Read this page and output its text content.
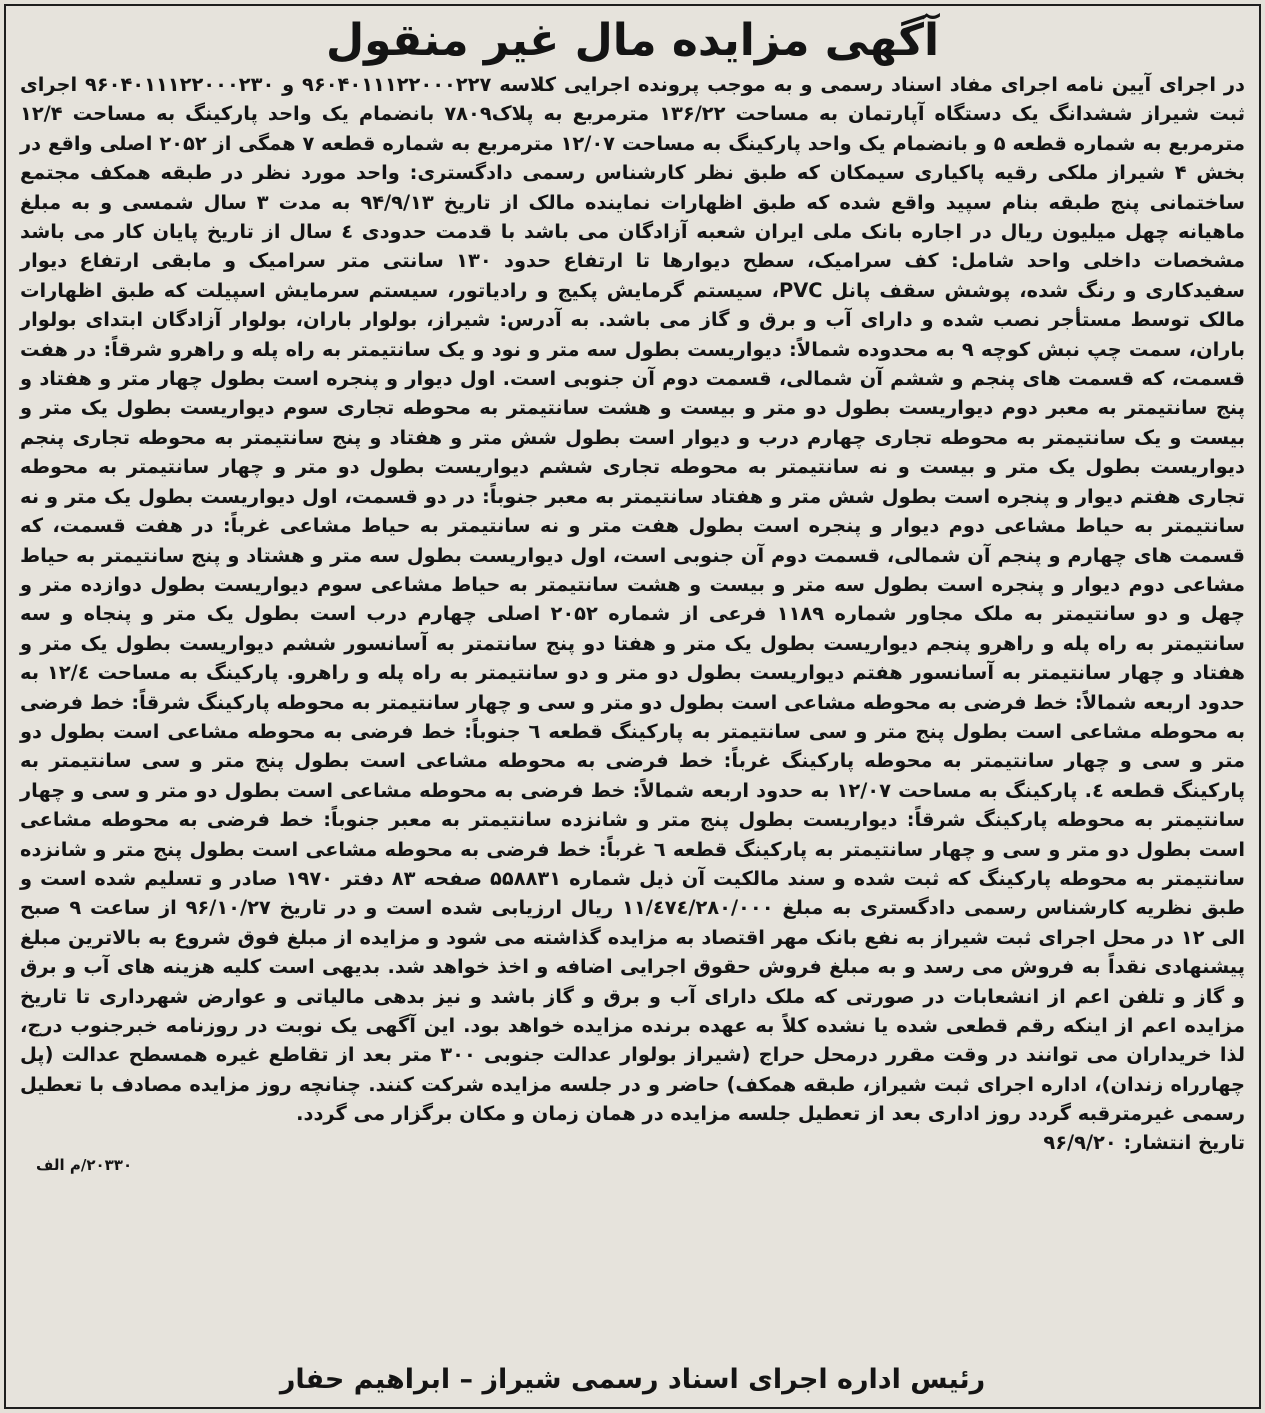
آگهی مزایده مال غیر منقول
در اجرای آیین نامه اجرای مفاد اسناد رسمی و به موجب پرونده اجرایی کلاسه ۹۶۰۴۰۱۱۱۲۲۰۰۰۲۲۷ و ۹۶۰۴۰۱۱۱۲۲۰۰۰۲۳۰ اجرای ثبت شیراز ششدانگ یک دستگاه آپارتمان به مساحت ۱۳۶/۲۲ مترمربع به پلاک۷۸۰۹ بانضمام یک واحد پارکینگ به مساحت ۱۲/۴ مترمربع به شماره قطعه ۵ و بانضمام یک واحد پارکینگ به مساحت ۱۲/۰۷ مترمربع به شماره قطعه ۷ همگی از ۲۰۵۲ اصلی واقع در بخش ۴ شیراز ملکی رقیه پاکیاری سیمکان که طبق نظر کارشناس رسمی دادگستری: واحد مورد نظر در طبقه همکف مجتمع ساختمانی پنج طبقه بنام سپید واقع شده که طبق اظهارات نماینده مالک از تاریخ ۹۴/۹/۱۳ به مدت ۳ سال شمسی و به مبلغ ماهیانه چهل میلیون ریال در اجاره بانک ملی ایران شعبه آزادگان می باشد با قدمت حدودی ٤ سال از تاریخ پایان کار می باشد مشخصات داخلی واحد شامل: کف سرامیک، سطح دیوارها تا ارتفاع حدود ۱۳۰ سانتی متر سرامیک و مابقی ارتفاع دیوار سفیدکاری و رنگ شده، پوشش سقف پانل PVC، سیستم گرمایش پکیج و رادیاتور، سیستم سرمایش اسپیلت که طبق اظهارات مالک توسط مستأجر نصب شده و دارای آب و برق و گاز می باشد. به آدرس: شیراز، بولوار باران، بولوار آزادگان ابتدای بولوار باران، سمت چپ نبش کوچه ۹ به محدوده شمالاً: دیواریست بطول سه متر و نود و یک سانتیمتر به راه پله و راهرو شرقاً: در هفت قسمت، که قسمت های پنجم و ششم آن شمالی، قسمت دوم آن جنوبی است. اول دیوار و پنجره است بطول چهار متر و هفتاد و پنج سانتیمتر به معبر دوم دیواریست بطول دو متر و بیست و هشت سانتیمتر به محوطه تجاری سوم دیواریست بطول یک متر و بیست و یک سانتیمتر به محوطه تجاری چهارم درب و دیوار است بطول شش متر و هفتاد و پنج سانتیمتر به محوطه تجاری پنجم دیواریست بطول یک متر و بیست و نه سانتیمتر به محوطه تجاری ششم دیواریست بطول دو متر و چهار سانتیمتر به محوطه تجاری هفتم دیوار و پنجره است بطول شش متر و هفتاد سانتیمتر به معبر جنوباً: در دو قسمت، اول دیواریست بطول یک متر و نه سانتیمتر به حیاط مشاعی دوم دیوار و پنجره است بطول هفت متر و نه سانتیمتر به حیاط مشاعی غرباً: در هفت قسمت، که قسمت های چهارم و پنجم آن شمالی، قسمت دوم آن جنوبی است، اول دیواریست بطول سه متر و هشتاد و پنج سانتیمتر به حیاط مشاعی دوم دیوار و پنجره است بطول سه متر و بیست و هشت سانتیمتر به حیاط مشاعی سوم دیواریست بطول دوازده متر و چهل و دو سانتیمتر به ملک مجاور شماره ۱۱۸۹ فرعی از شماره ۲۰۵۲ اصلی چهارم درب است بطول یک متر و پنجاه و سه سانتیمتر به راه پله و راهرو پنجم دیواریست بطول یک متر و هفتا دو پنج سانتمتر به آسانسور ششم دیواریست بطول یک متر و هفتاد و چهار سانتیمتر به آسانسور هفتم دیواریست بطول دو متر و دو سانتیمتر به راه پله و راهرو. پارکینگ به مساحت ۱۲/٤ به حدود اربعه شمالاً: خط فرضی به محوطه مشاعی است بطول دو متر و سی و چهار سانتیمتر به محوطه پارکینگ شرقاً: خط فرضی به محوطه مشاعی است بطول پنج متر و سی سانتیمتر به پارکینگ قطعه ٦ جنوباً: خط فرضی به محوطه مشاعی است بطول دو متر و سی و چهار سانتیمتر به محوطه پارکینگ غرباً: خط فرضی به محوطه مشاعی است بطول پنج متر و سی سانتیمتر به پارکینگ قطعه ٤. پارکینگ به مساحت ۱۲/۰۷ به حدود اربعه شمالاً: خط فرضی به محوطه مشاعی است بطول دو متر و سی و چهار سانتیمتر به محوطه پارکینگ شرقاً: دیواریست بطول پنج متر و شانزده سانتیمتر به معبر جنوباً: خط فرضی به محوطه مشاعی است بطول دو متر و سی و چهار سانتیمتر به پارکینگ قطعه ٦ غرباً: خط فرضی به محوطه مشاعی است بطول پنج متر و شانزده سانتیمتر به محوطه پارکینگ که ثبت شده و سند مالکیت آن ذیل شماره ۵۵۸۸۳۱ صفحه ۸۳ دفتر ۱۹۷۰ صادر و تسلیم شده است و طبق نظریه کارشناس رسمی دادگستری به مبلغ ۱۱/٤۷٤/۲۸۰/۰۰۰ ریال ارزیابی شده است و در تاریخ ۹۶/۱۰/۲۷ از ساعت ۹ صبح الی ۱۲ در محل اجرای ثبت شیراز به نفع بانک مهر اقتصاد به مزایده گذاشته می شود و مزایده از مبلغ فوق شروع به بالاترین مبلغ پیشنهادی نقداً به فروش می رسد و به مبلغ فروش حقوق اجرایی اضافه و اخذ خواهد شد. بدیهی است کلیه هزینه های آب و برق و گاز و تلفن اعم از انشعابات در صورتی که ملک دارای آب و برق و گاز باشد و نیز بدهی مالیاتی و عوارض شهرداری تا تاریخ مزایده اعم از اینکه رقم قطعی شده یا نشده کلاً به عهده برنده مزایده خواهد بود. این آگهی یک نوبت در روزنامه خبرجنوب درج، لذا خریداران می توانند در وقت مقرر درمحل حراج (شیراز بولوار عدالت جنوبی ۳۰۰ متر بعد از تقاطع غیره همسطح عدالت (پل چهارراه زندان)، اداره اجرای ثبت شیراز، طبقه همکف) حاضر و در جلسه مزایده شرکت کنند. چنانچه روز مزایده مصادف با تعطیل رسمی غیرمترقبه گردد روز اداری بعد از تعطیل جلسه مزایده در همان زمان و مکان برگزار می گردد.
تاریخ انتشار: ۹۶/۹/۲۰
۲۰۳۳۰/م الف
رئیس اداره اجرای اسناد رسمی شیراز – ابراهیم حفار
